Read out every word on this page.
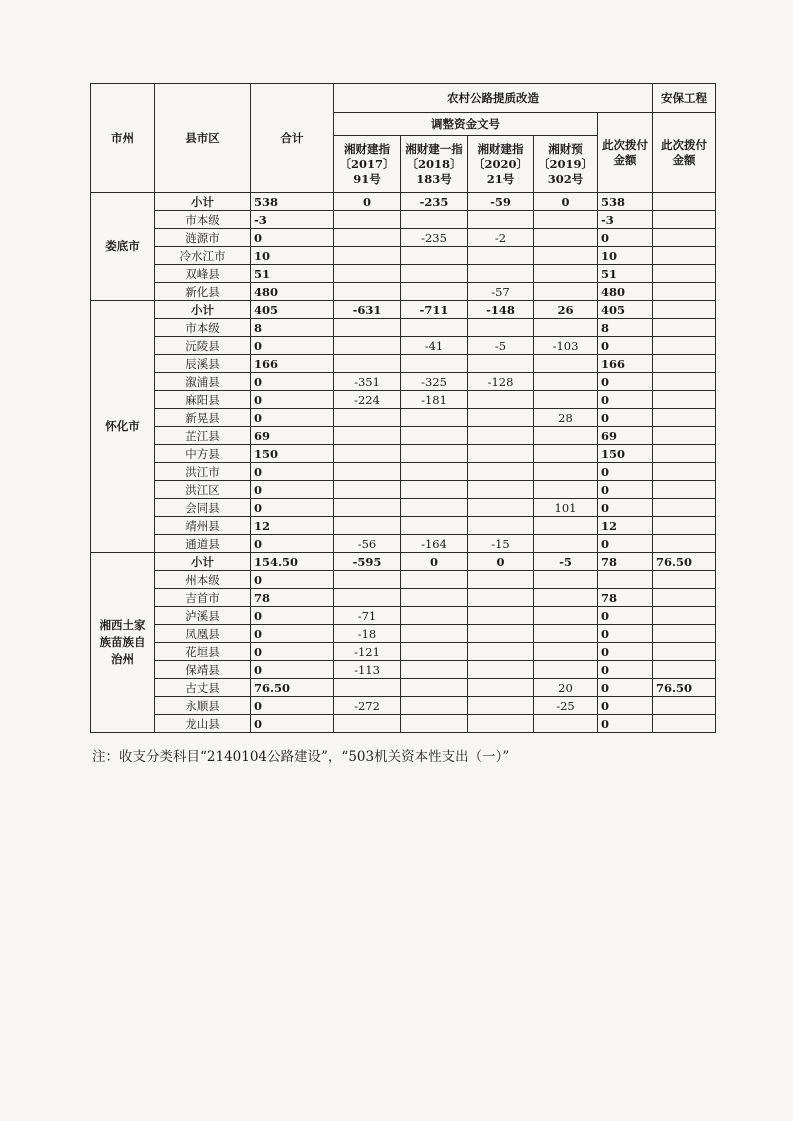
市州	县市区	合计	农村公路提质改造					安保工程
			调整资金文号				此次拨付金额	此次拨付金额
			湘财建指〔2017〕91号	湘财建一指〔2018〕183号	湘财建指〔2020〕21号	湘财预〔2019〕302号		
娄底市	小计	538	0	-235	-59	0	538	
	市本级	-3					-3	
	涟源市	0		-235	-2		0	
	冷水江市	10					10	
	双峰县	51					51	
	新化县	480			-57		480	
怀化市	小计	405	-631	-711	-148	26	405	
	市本级	8					8	
	沅陵县	0		-41	-5	-103	0	
	辰溪县	166					166	
	溆浦县	0	-351	-325	-128		0	
	麻阳县	0	-224	-181			0	
	新晃县	0				28	0	
	芷江县	69					69	
	中方县	150					150	
	洪江市	0					0	
	洪江区	0					0	
	会同县	0				101	0	
	靖州县	12					12	
	通道县	0	-56	-164	-15		0	
湘西土家族苗族自治州	小计	154.50	-595	0	0	-5	78	76.50
	州本级	0						
	吉首市	78					78	
	泸溪县	0	-71				0	
	凤凰县	0	-18				0	
	花垣县	0	-121				0	
	保靖县	0	-113				0	
	古丈县	76.50				20	0	76.50
	永顺县	0	-272			-25	0	
	龙山县	0					0	
注：收支分类科目“2140104公路建设”，“503机关资本性支出（一）”
